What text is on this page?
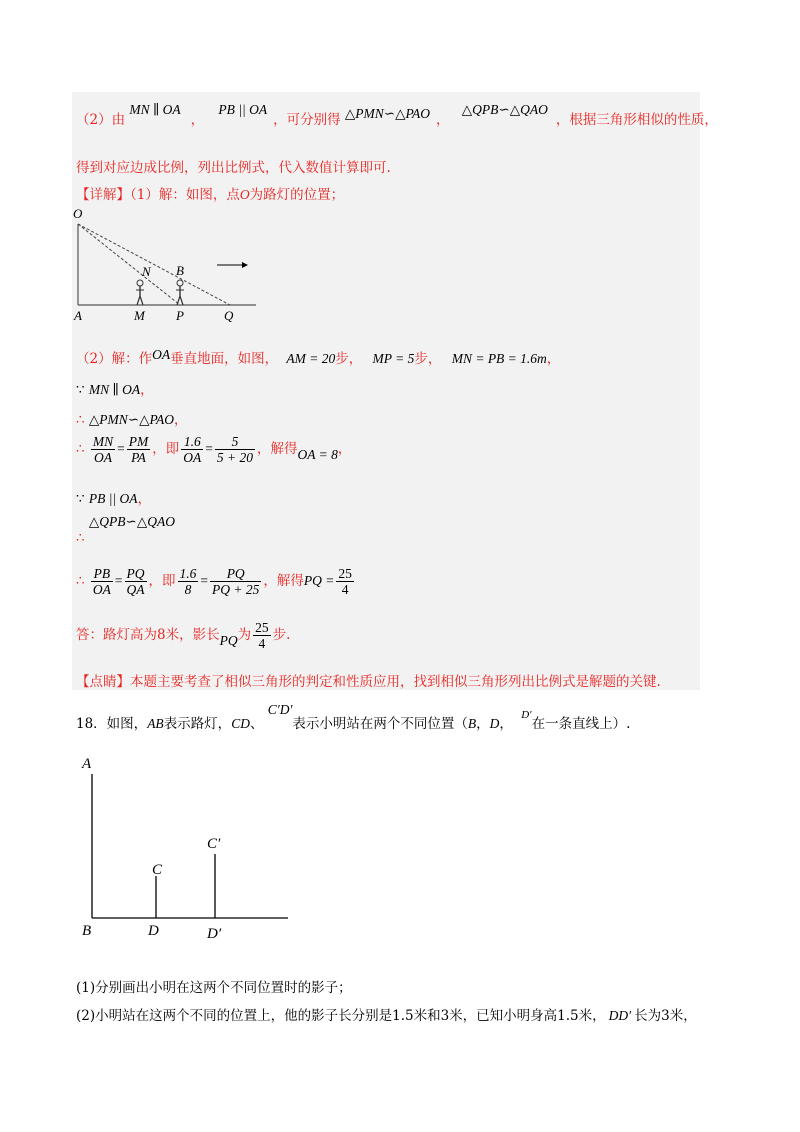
（2）由 MN ∥ OA， PB || OA，可分别得 △PMN∽△PAO ， △QPB∽△QAO，根据三角形相似的性质，
得到对应边成比例，列出比例式，代入数值计算即可.
【详解】（1）解：如图，点O为路灯的位置；
O
N B
A	M P	Q
（2）解：作OA垂直地面，如图， AM = 20步， MP = 5步， MN = PB = 1.6m，
∵ MN ∥ OA，
∴ △PMN∽△PAO，
∴ $\frac{MN}{OA} = \frac{PM}{PA}$ ，即 $\frac{1.6}{OA} = \frac{5}{5 + 20}$ ，解得OA = 8，
∵ PB || OA，
∴ △QPB∽△QAO
∴ $\frac{PB}{OA} = \frac{PQ}{QA}$ ，即 $\frac{1.6}{8} = \frac{PQ}{PQ + 25}$ ，解得PQ = $\frac{25}{4}$
答：路灯高为8米，影长PQ为 $\frac{25}{4}$ 步.
【点睛】本题主要考查了相似三角形的判定和性质应用，找到相似三角形列出比例式是解题的关键.
18．如图，AB表示路灯，CD、 C′D′表示小明站在两个不同位置（B，D， $^{D'}$在一条直线上）.
A
C
C′
B	D	D′
(1)分别画出小明在这两个不同位置时的影子；
(2)小明站在这两个不同的位置上，他的影子长分别是1.5米和3米，已知小明身高1.5米， DD′ 长为3米，
